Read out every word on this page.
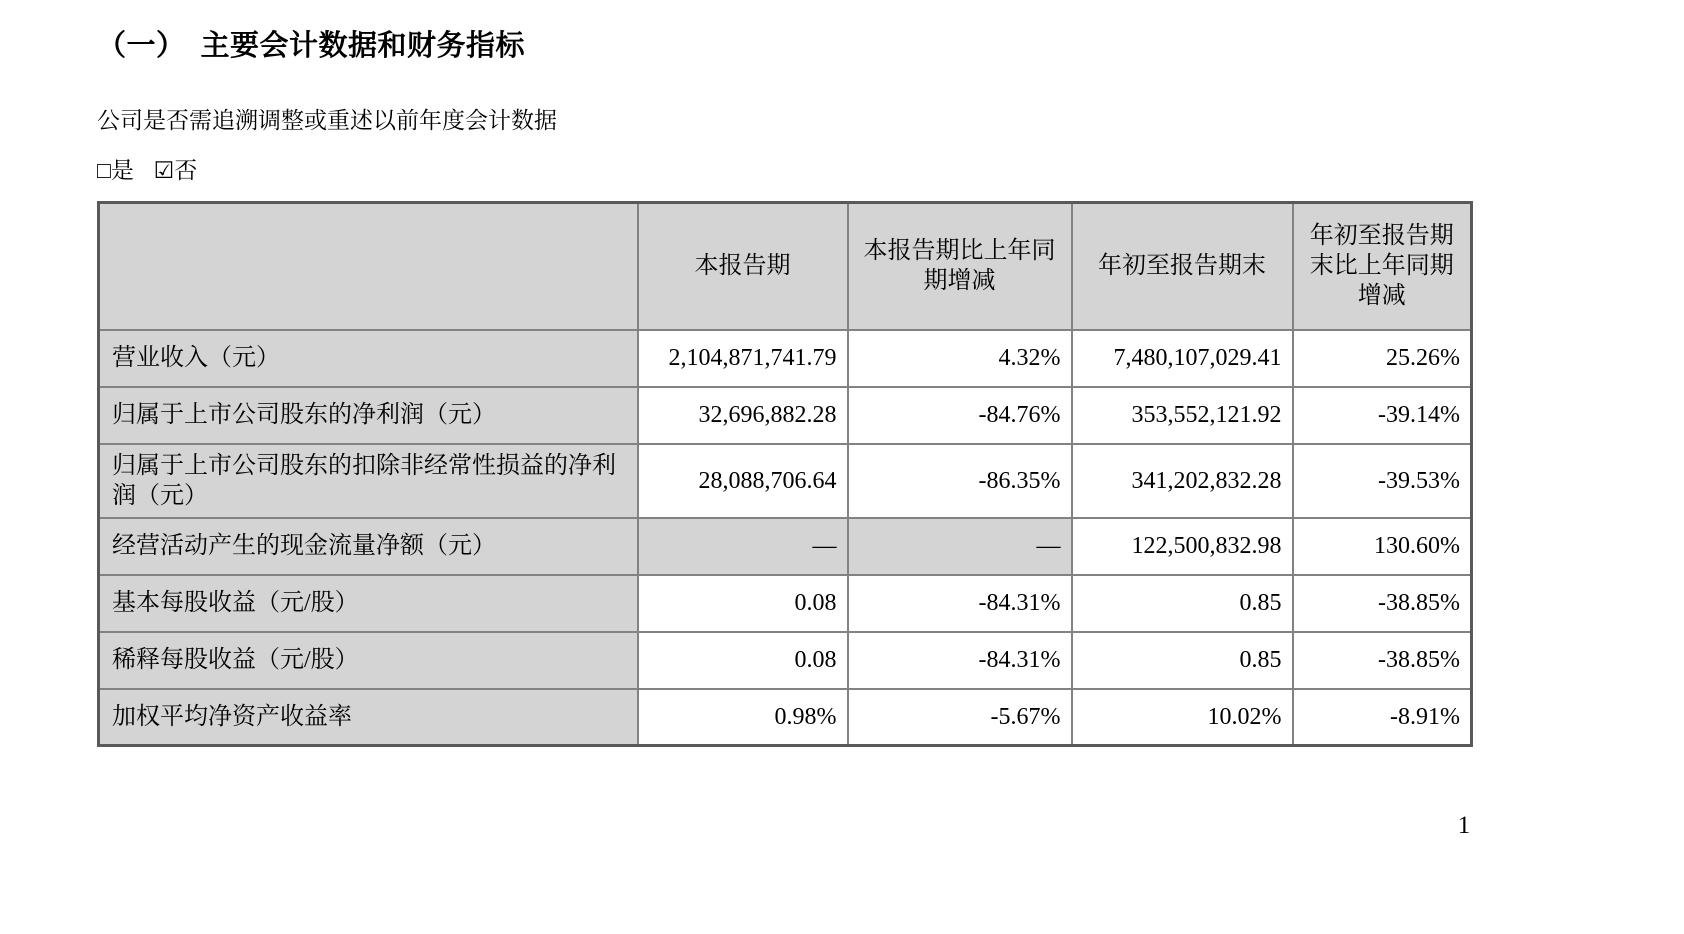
（一）　主要会计数据和财务指标
公司是否需追溯调整或重述以前年度会计数据
□是 ☑否
	本报告期	本报告期比上年同期增减	年初至报告期末	年初至报告期末比上年同期增减
营业收入（元）	2,104,871,741.79	4.32%	7,480,107,029.41	25.26%
归属于上市公司股东的净利润（元）	32,696,882.28	-84.76%	353,552,121.92	-39.14%
归属于上市公司股东的扣除非经常性损益的净利润（元）	28,088,706.64	-86.35%	341,202,832.28	-39.53%
经营活动产生的现金流量净额（元）	—	—	122,500,832.98	130.60%
基本每股收益（元/股）	0.08	-84.31%	0.85	-38.85%
稀释每股收益（元/股）	0.08	-84.31%	0.85	-38.85%
加权平均净资产收益率	0.98%	-5.67%	10.02%	-8.91%
1
